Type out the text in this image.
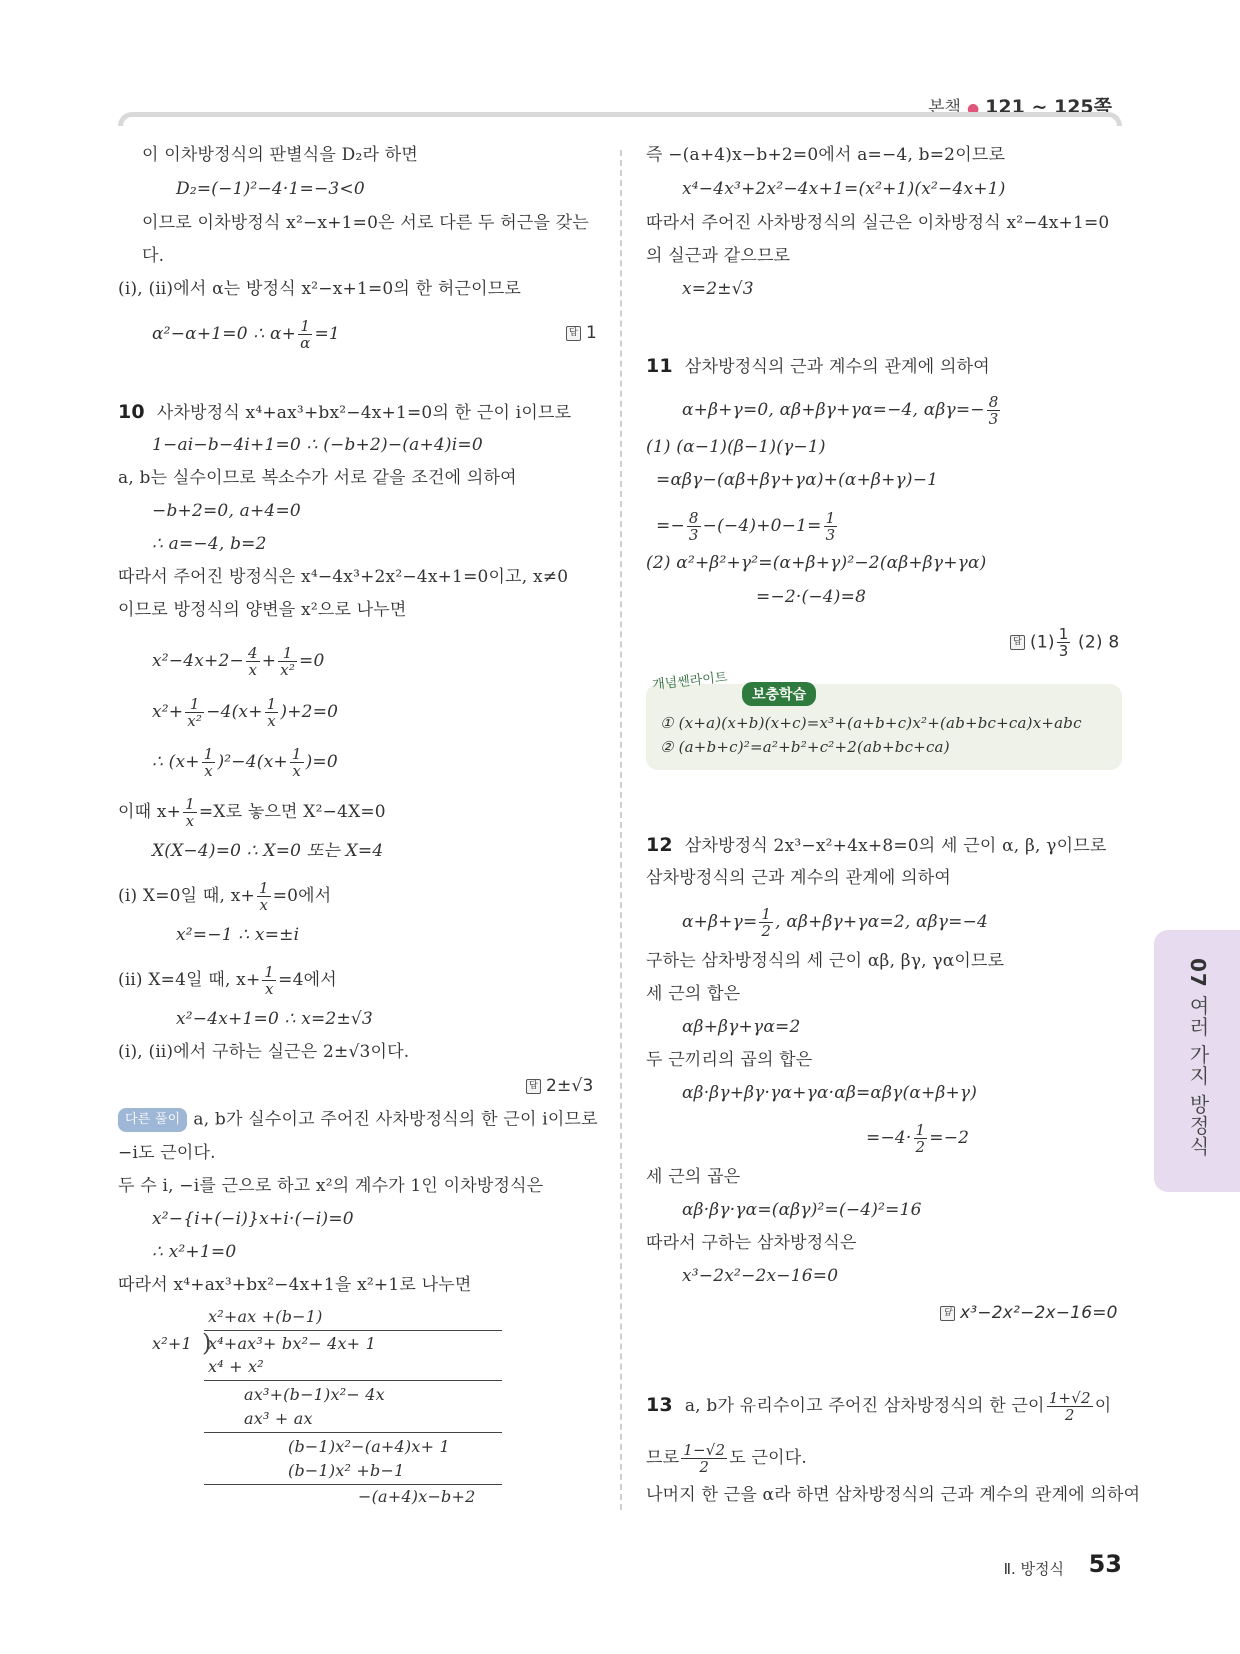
본책 ● 121 ~ 125쪽
이 이차방정식의 판별식을 D₂라 하면
D₂=(−1)²−4·1=−3<0
이므로 이차방정식 x²−x+1=0은 서로 다른 두 허근을 갖는
다.
(ⅰ), (ⅱ)에서 α는 방정식 x²−x+1=0의 한 허근이므로
α²−α+1=0 ∴ $\alpha+ \frac{1}{\alpha} =1$	답 1
10 사차방정식 x⁴+ax³+bx²−4x+1=0의 한 근이 i이므로
1−ai−b−4i+1=0 ∴ (−b+2)−(a+4)i=0
a, b는 실수이므로 복소수가 서로 같을 조건에 의하여
−b+2=0, a+4=0
∴ a=−4, b=2
따라서 주어진 방정식은 x⁴−4x³+2x²−4x+1=0이고, x≠0
이므로 방정식의 양변을 x²으로 나누면
$x^2-4x+2- \frac{4}{x} + \frac{1}{\text{x²}} =0$
$x^2+ \frac{1}{\text{x²}} -4(x+ \frac{1}{x} )+2=0$
∴ $(x+ \frac{1}{x} )^2-4(x+ \frac{1}{x} )=0$
이때 $x+ \frac{1}{x} =X$로 놓으면 X²−4X=0
X(X−4)=0 ∴ X=0 또는 X=4
(ⅰ) X=0일 때, $x+ \frac{1}{x} =0$에서
x²=−1 ∴ x=±i
(ⅱ) X=4일 때, $x+ \frac{1}{x} =4$에서
x²−4x+1=0 ∴ x=2±√3
(ⅰ), (ⅱ)에서 구하는 실근은 2±√3이다.
답 2±√3
다른 풀이 a, b가 실수이고 주어진 사차방정식의 한 근이 i이므로
−i도 근이다.
두 수 i, −i를 근으로 하고 x²의 계수가 1인 이차방정식은
x²−{i+(−i)}x+i·(−i)=0
∴ x²+1=0
따라서 x⁴+ax³+bx²−4x+1을 x²+1로 나누면
x²+ax +(b−1)
x²+1 )
x⁴+ax³+ bx²− 4x+ 1
x⁴ + x²
ax³+(b−1)x²− 4x
ax³ + ax
(b−1)x²−(a+4)x+ 1
(b−1)x² +b−1
−(a+4)x−b+2
즉 −(a+4)x−b+2=0에서 a=−4, b=2이므로
x⁴−4x³+2x²−4x+1=(x²+1)(x²−4x+1)
따라서 주어진 사차방정식의 실근은 이차방정식 x²−4x+1=0
의 실근과 같으므로
x=2±√3
11 삼차방정식의 근과 계수의 관계에 의하여
α+β+γ=0, αβ+βγ+γα=−4, $\alpha\beta\gamma=- \frac{8}{3}$
(1) (α−1)(β−1)(γ−1)
=αβγ−(αβ+βγ+γα)+(α+β+γ)−1
=− $\frac{8}{3} -(-4)+0-1= \frac{1}{3}$
(2) α²+β²+γ²=(α+β+γ)²−2(αβ+βγ+γα)
=−2·(−4)=8
답 $(1) \frac{1}{3} (2)$ 8
개념쎈라이트
보충학습
① (x+a)(x+b)(x+c)=x³+(a+b+c)x²+(ab+bc+ca)x+abc
② (a+b+c)²=a²+b²+c²+2(ab+bc+ca)
12 삼차방정식 2x³−x²+4x+8=0의 세 근이 α, β, γ이므로
삼차방정식의 근과 계수의 관계에 의하여
$\alpha+\beta+\gamma= \frac{1}{2}$ , αβ+βγ+γα=2, αβγ=−4
구하는 삼차방정식의 세 근이 αβ, βγ, γα이므로
세 근의 합은
αβ+βγ+γα=2
두 근끼리의 곱의 합은
αβ·βγ+βγ·γα+γα·αβ=αβγ(α+β+γ)
$=-4\cdot \frac{1}{2} =-2$
세 근의 곱은
αβ·βγ·γα=(αβγ)²=(−4)²=16
따라서 구하는 삼차방정식은
x³−2x²−2x−16=0
답 x³−2x²−2x−16=0
13 a, b가 유리수이고 주어진 삼차방정식의 한 근이 $\frac{1+√2}{2}$ 이
므로 $\frac{1-√2}{2}$ 도 근이다.
나머지 한 근을 α라 하면 삼차방정식의 근과 계수의 관계에 의하여
07 여러 가지 방정식
Ⅱ. 방정식 53
